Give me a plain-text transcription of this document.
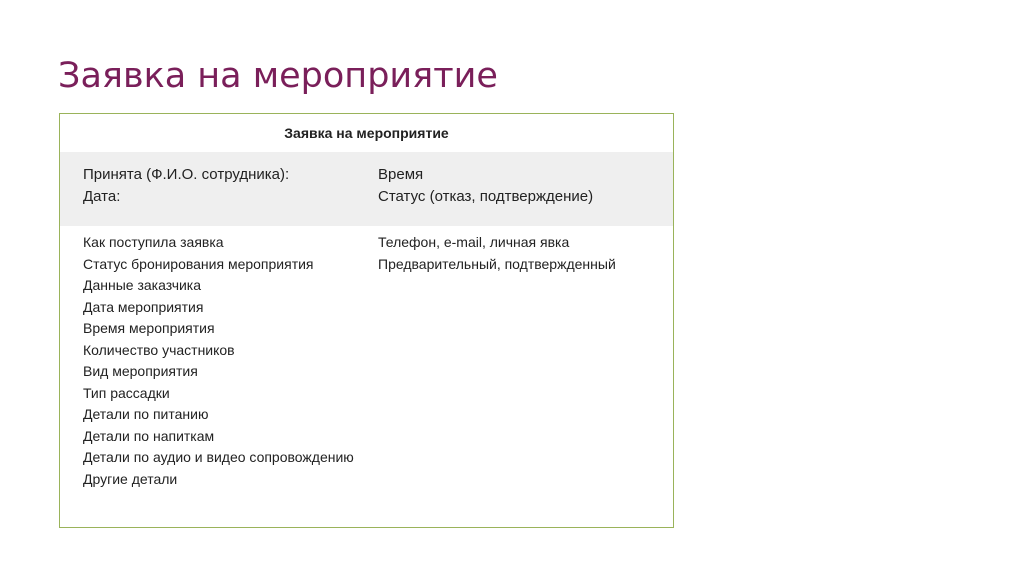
Заявка на мероприятие
Заявка на мероприятие
Принята (Ф.И.О. сотрудника):
Дата:
Время
Статус (отказ, подтверждение)
Как поступила заявка
Статус бронирования мероприятия
Данные заказчика
Дата мероприятия
Время мероприятия
Количество участников
Вид мероприятия
Тип рассадки
Детали по питанию
Детали по напиткам
Детали по аудио и видео сопровождению
Другие детали
Телефон, e-mail, личная явка
Предварительный, подтвержденный
